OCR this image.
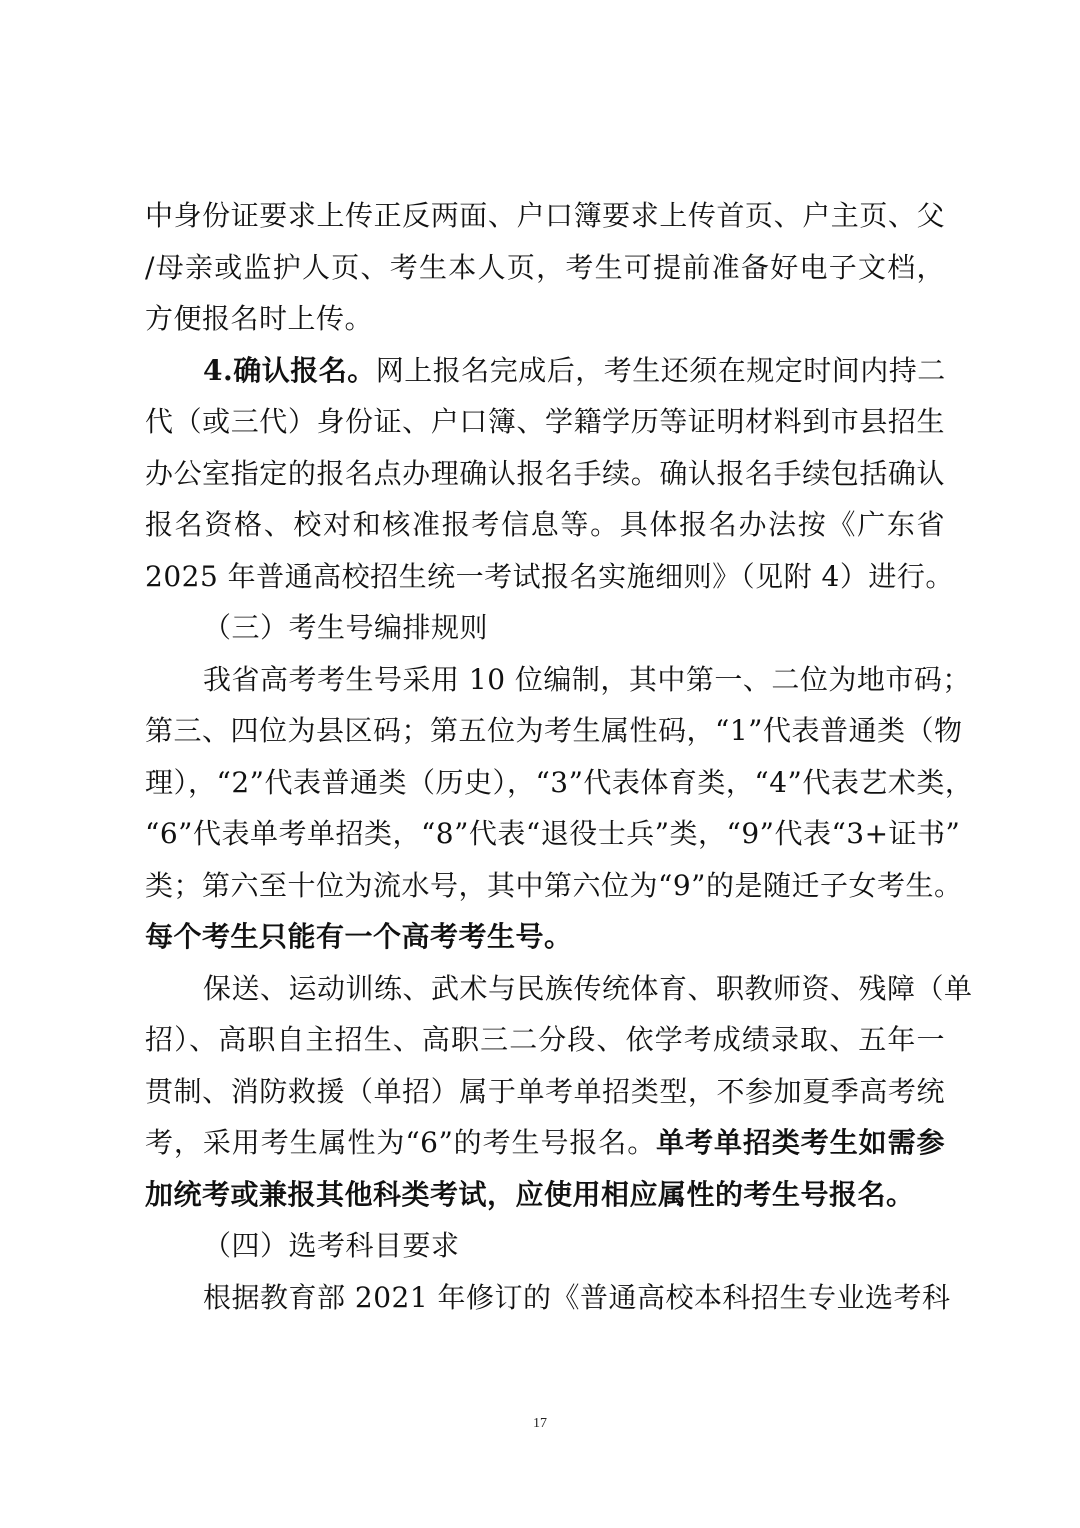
中身份证要求上传正反两面、户口簿要求上传首页、户主页、父
/母亲或监护人页、考生本人页，考生可提前准备好电子文档，
方便报名时上传。
4.确认报名。网上报名完成后，考生还须在规定时间内持二
代（或三代）身份证、户口簿、学籍学历等证明材料到市县招生
办公室指定的报名点办理确认报名手续。确认报名手续包括确认
报名资格、校对和核准报考信息等。具体报名办法按《广东省
2025 年普通高校招生统一考试报名实施细则》（见附 4）进行。
（三）考生号编排规则
我省高考考生号采用 10 位编制，其中第一、二位为地市码；
第三、四位为县区码；第五位为考生属性码，“1”代表普通类（物
理），“2”代表普通类（历史），“3”代表体育类，“4”代表艺术类，
“6”代表单考单招类，“8”代表“退役士兵”类，“9”代表“3+证书”
类；第六至十位为流水号，其中第六位为“9”的是随迁子女考生。
每个考生只能有一个高考考生号。
保送、运动训练、武术与民族传统体育、职教师资、残障（单
招）、高职自主招生、高职三二分段、依学考成绩录取、五年一
贯制、消防救援（单招）属于单考单招类型，不参加夏季高考统
考，采用考生属性为“6”的考生号报名。单考单招类考生如需参
加统考或兼报其他科类考试，应使用相应属性的考生号报名。
（四）选考科目要求
根据教育部 2021 年修订的《普通高校本科招生专业选考科
17
